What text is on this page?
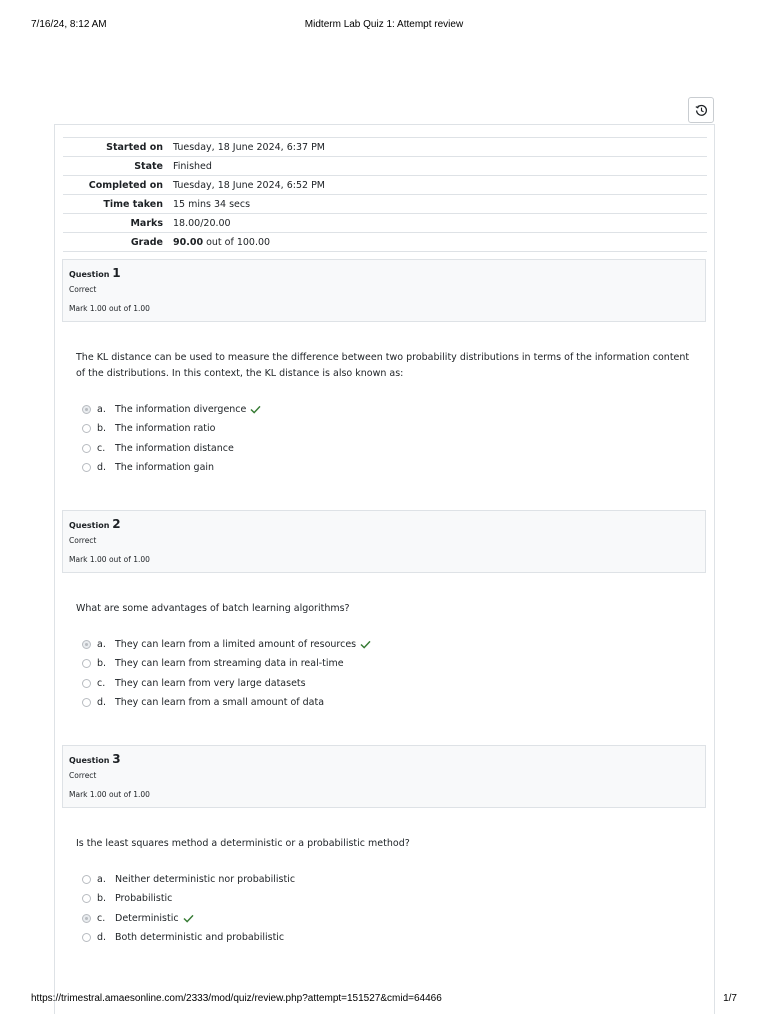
7/16/24, 8:12 AM	Midterm Lab Quiz 1: Attempt review
Started on	Tuesday, 18 June 2024, 6:37 PM
State	Finished
Completed on	Tuesday, 18 June 2024, 6:52 PM
Time taken	15 mins 34 secs
Marks	18.00/20.00
Grade	90.00 out of 100.00
Question 1
Correct
Mark 1.00 out of 1.00
The KL distance can be used to measure the difference between two probability distributions in terms of the information content of the distributions. In this context, the KL distance is also known as:
a. The information divergence
b. The information ratio
c.	The information distance
d. The information gain
Question 2
Correct
Mark 1.00 out of 1.00
What are some advantages of batch learning algorithms?
a. They can learn from a limited amount of resources
b. They can learn from streaming data in real-time
c.	They can learn from very large datasets
d. They can learn from a small amount of data
Question 3
Correct
Mark 1.00 out of 1.00
Is the least squares method a deterministic or a probabilistic method?
a. Neither deterministic nor probabilistic
b. Probabilistic
c.	Deterministic
d. Both deterministic and probabilistic
https://trimestral.amaesonline.com/2333/mod/quiz/review.php?attempt=151527&cmid=64466	1/7
